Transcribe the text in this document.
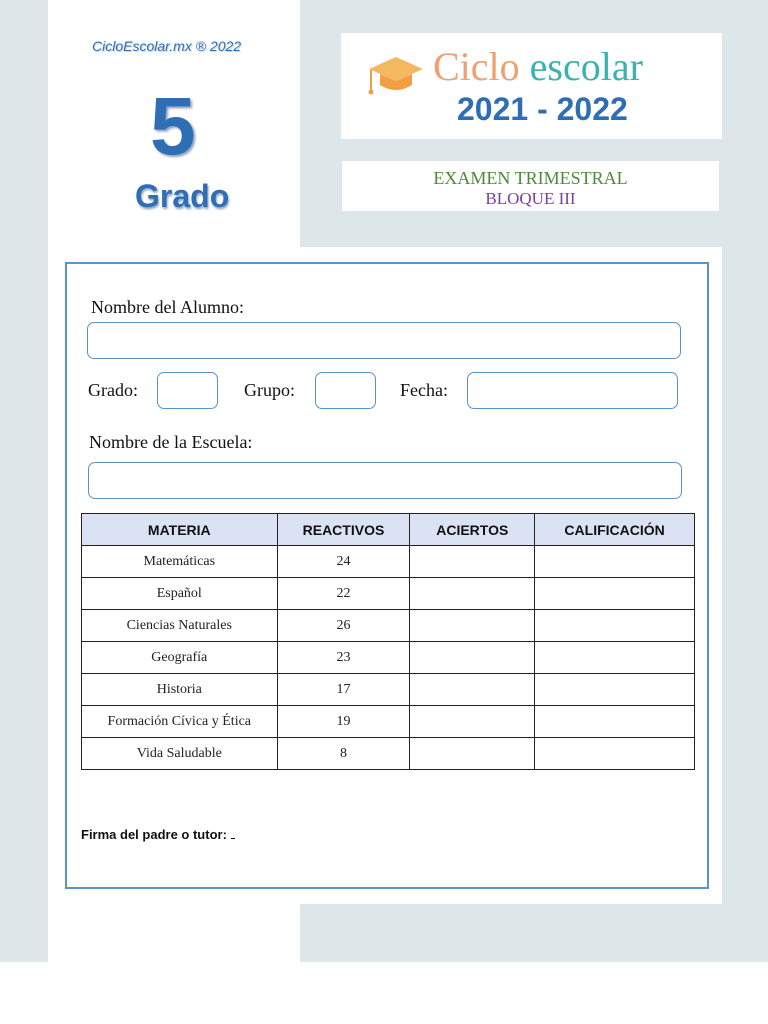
CicloEscolar.mx ® 2022
5
Grado
Ciclo escolar
2021 - 2022
EXAMEN TRIMESTRAL
BLOQUE III
Nombre del Alumno:
Grado:	Grupo:	Fecha:
Nombre de la Escuela:
MATERIA	REACTIVOS	ACIERTOS	CALIFICACIÓN
Matemáticas	24		
Español	22		
Ciencias Naturales	26		
Geografía	23		
Historia	17		
Formación Cívica y Ética	19		
Vida Saludable	8		
Firma del padre o tutor:
